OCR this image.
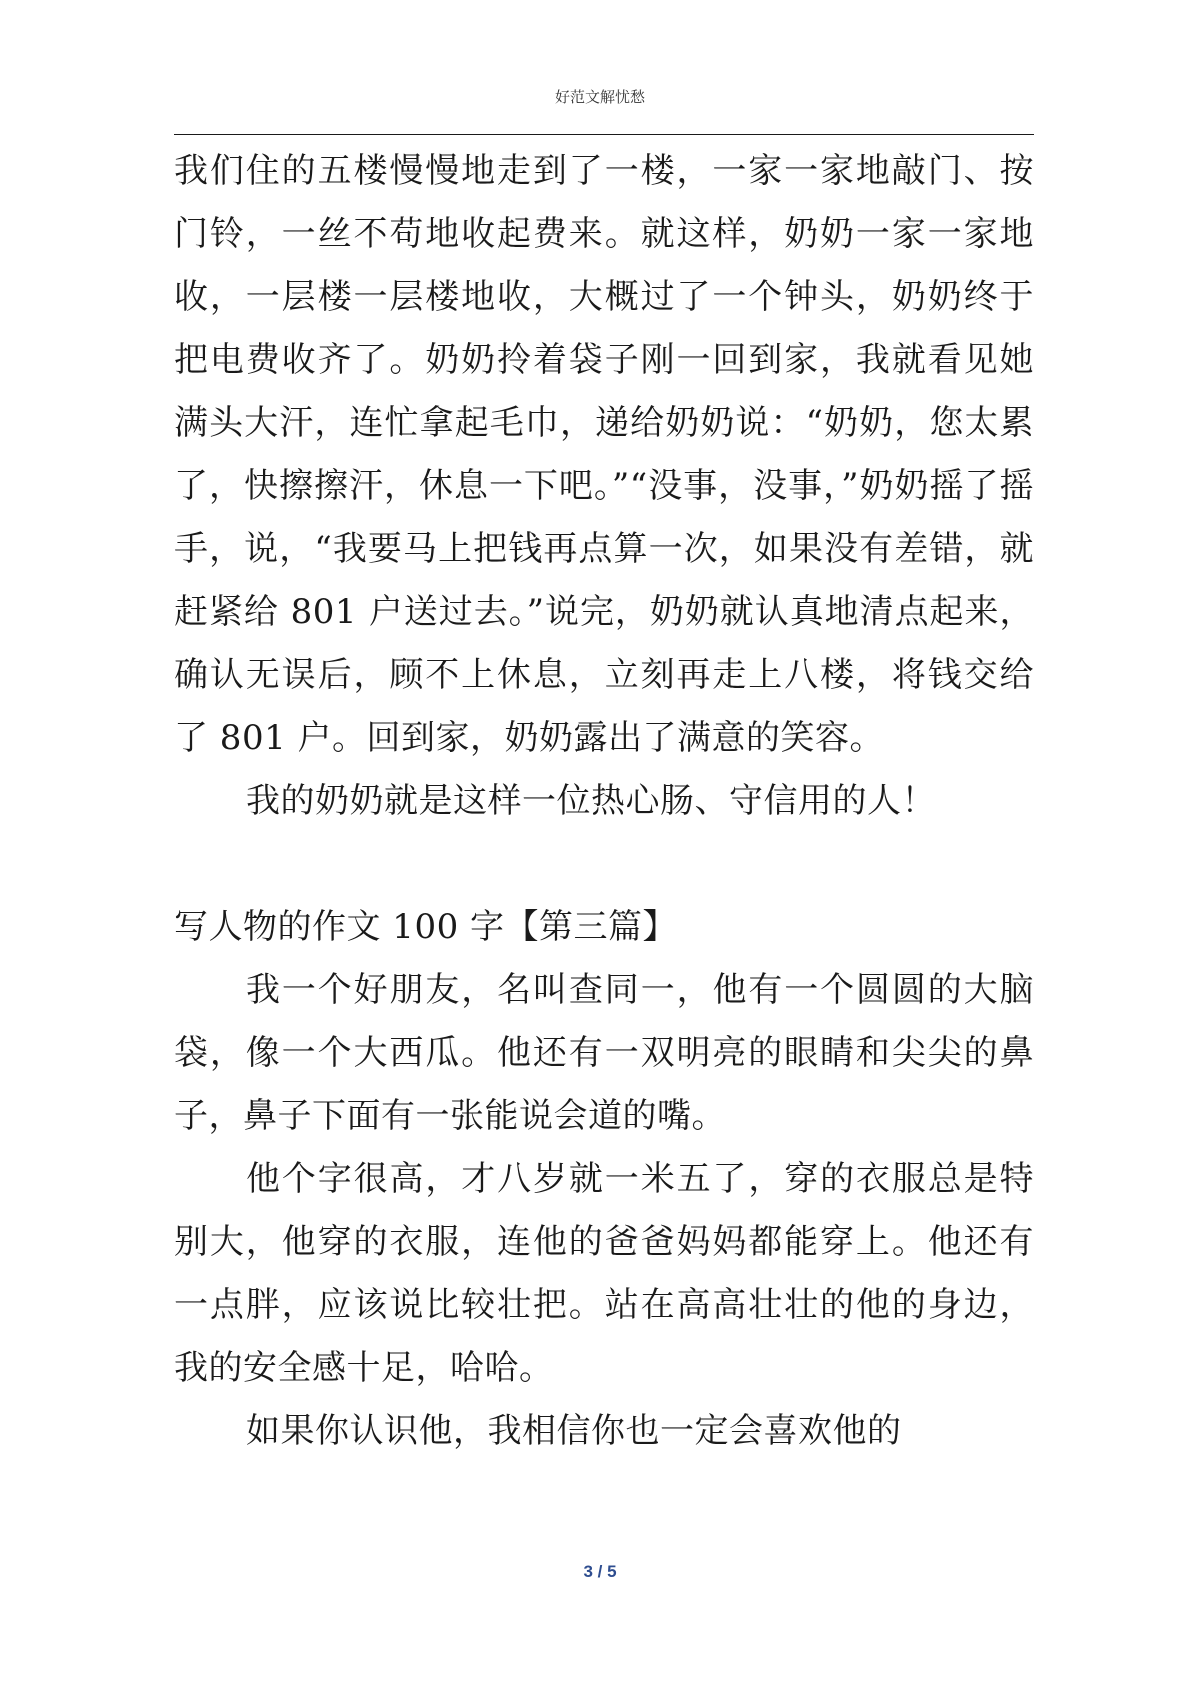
好范文解忧愁

我们住的五楼慢慢地走到了一楼，一家一家地敲门、按门铃，一丝不苟地收起费来。就这样，奶奶一家一家地收，一层楼一层楼地收，大概过了一个钟头，奶奶终于把电费收齐了。奶奶拎着袋子刚一回到家，我就看见她满头大汗，连忙拿起毛巾，递给奶奶说：“奶奶，您太累了，快擦擦汗，休息一下吧。”“没事，没事，”奶奶摇了摇手，说，“我要马上把钱再点算一次，如果没有差错，就赶紧给 801 户送过去。”说完，奶奶就认真地清点起来，确认无误后，顾不上休息，立刻再走上八楼，将钱交给了 801 户。回到家，奶奶露出了满意的笑容。

我的奶奶就是这样一位热心肠、守信用的人！

写人物的作文 100 字【第三篇】

我一个好朋友，名叫查同一，他有一个圆圆的大脑袋，像一个大西瓜。他还有一双明亮的眼睛和尖尖的鼻子，鼻子下面有一张能说会道的嘴。

他个字很高，才八岁就一米五了，穿的衣服总是特别大，他穿的衣服，连他的爸爸妈妈都能穿上。他还有一点胖，应该说比较壮把。站在高高壮壮的他的身边，我的安全感十足，哈哈。

如果你认识他，我相信你也一定会喜欢他的

3 / 5
